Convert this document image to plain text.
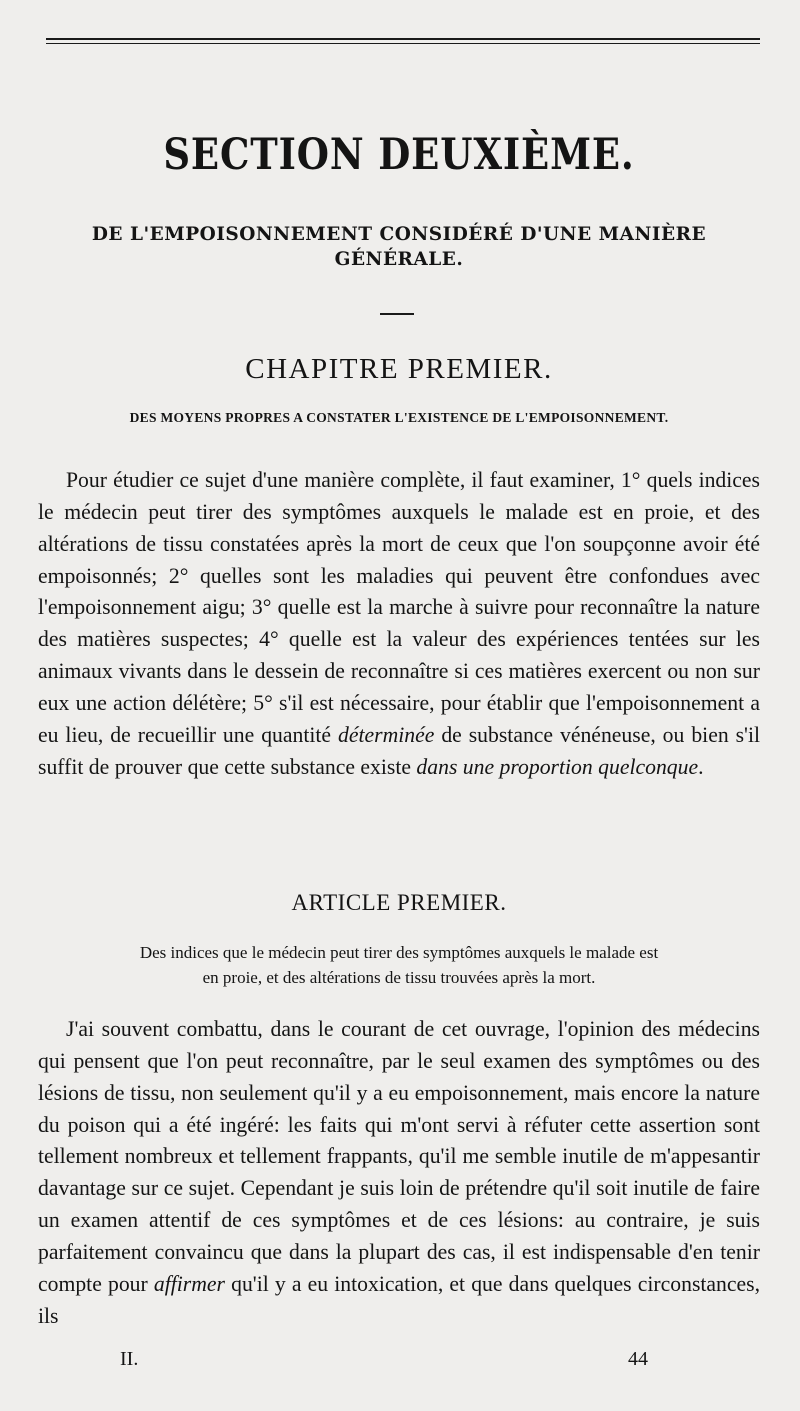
SECTION DEUXIÈME.
DE L'EMPOISONNEMENT CONSIDÉRÉ D'UNE MANIÈRE
GÉNÉRALE.
CHAPITRE PREMIER.
DES MOYENS PROPRES A CONSTATER L'EXISTENCE DE L'EMPOISONNEMENT.
Pour étudier ce sujet d'une manière complète, il faut examiner, 1° quels indices le médecin peut tirer des symptômes auxquels le malade est en proie, et des altérations de tissu constatées après la mort de ceux que l'on soupçonne avoir été empoisonnés; 2° quelles sont les maladies qui peuvent être confondues avec l'empoisonnement aigu; 3° quelle est la marche à suivre pour reconnaître la nature des matières suspectes; 4° quelle est la valeur des expériences tentées sur les animaux vivants dans le dessein de reconnaître si ces matières exercent ou non sur eux une action délétère; 5° s'il est nécessaire, pour établir que l'empoisonnement a eu lieu, de recueillir une quantité déterminée de substance vénéneuse, ou bien s'il suffit de prouver que cette substance existe dans une proportion quelconque.
ARTICLE PREMIER.
Des indices que le médecin peut tirer des symptômes auxquels le malade est
en proie, et des altérations de tissu trouvées après la mort.
J'ai souvent combattu, dans le courant de cet ouvrage, l'opinion des médecins qui pensent que l'on peut reconnaître, par le seul examen des symptômes ou des lésions de tissu, non seulement qu'il y a eu empoisonnement, mais encore la nature du poison qui a été ingéré: les faits qui m'ont servi à réfuter cette assertion sont tellement nombreux et tellement frappants, qu'il me semble inutile de m'appesantir davantage sur ce sujet. Cependant je suis loin de prétendre qu'il soit inutile de faire un examen attentif de ces symptômes et de ces lésions: au contraire, je suis parfaitement convaincu que dans la plupart des cas, il est indispensable d'en tenir compte pour affirmer qu'il y a eu intoxication, et que dans quelques circonstances, ils
II.	44
